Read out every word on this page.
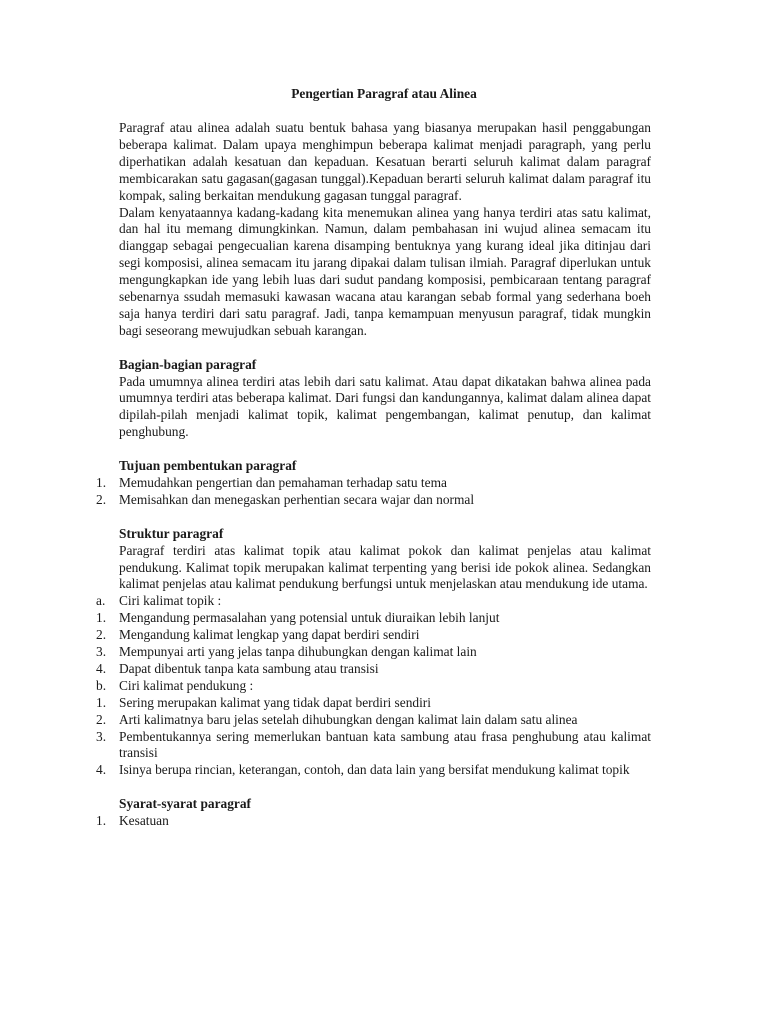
Pengertian Paragraf atau Alinea

Paragraf atau alinea adalah suatu bentuk bahasa yang biasanya merupakan hasil penggabungan beberapa kalimat. Dalam upaya menghimpun beberapa kalimat menjadi paragraph, yang perlu diperhatikan adalah kesatuan dan kepaduan. Kesatuan berarti seluruh kalimat dalam paragraf membicarakan satu gagasan(gagasan tunggal).Kepaduan berarti seluruh kalimat dalam paragraf itu kompak, saling berkaitan mendukung gagasan tunggal paragraf.

Dalam kenyataannya kadang-kadang kita menemukan alinea yang hanya terdiri atas satu kalimat, dan hal itu memang dimungkinkan. Namun, dalam pembahasan ini wujud alinea semacam itu dianggap sebagai pengecualian karena disamping bentuknya yang kurang ideal jika ditinjau dari segi komposisi, alinea semacam itu jarang dipakai dalam tulisan ilmiah. Paragraf diperlukan untuk mengungkapkan ide yang lebih luas dari sudut pandang komposisi, pembicaraan tentang paragraf sebenarnya ssudah memasuki kawasan wacana atau karangan sebab formal yang sederhana boeh saja hanya terdiri dari satu paragraf. Jadi, tanpa kemampuan menyusun paragraf, tidak mungkin bagi seseorang mewujudkan sebuah karangan.

Bagian-bagian paragraf

Pada umumnya alinea terdiri atas lebih dari satu kalimat. Atau dapat dikatakan bahwa alinea pada umumnya terdiri atas beberapa kalimat. Dari fungsi dan kandungannya, kalimat dalam alinea dapat dipilah-pilah menjadi kalimat topik, kalimat pengembangan, kalimat penutup, dan kalimat penghubung.

Tujuan pembentukan paragraf
1. Memudahkan pengertian dan pemahaman terhadap satu tema
2. Memisahkan dan menegaskan perhentian secara wajar dan normal
Struktur paragraf

Paragraf terdiri atas kalimat topik atau kalimat pokok dan kalimat penjelas atau kalimat pendukung. Kalimat topik merupakan kalimat terpenting yang berisi ide pokok alinea. Sedangkan kalimat penjelas atau kalimat pendukung berfungsi untuk menjelaskan atau mendukung ide utama.

a. Ciri kalimat topik :
1. Mengandung permasalahan yang potensial untuk diuraikan lebih lanjut
2. Mengandung kalimat lengkap yang dapat berdiri sendiri
3. Mempunyai arti yang jelas tanpa dihubungkan dengan kalimat lain
4. Dapat dibentuk tanpa kata sambung atau transisi
b. Ciri kalimat pendukung :
1. Sering merupakan kalimat yang tidak dapat berdiri sendiri
2. Arti kalimatnya baru jelas setelah dihubungkan dengan kalimat lain dalam satu alinea
3. Pembentukannya sering memerlukan bantuan kata sambung atau frasa penghubung atau kalimat transisi
4. Isinya berupa rincian, keterangan, contoh, dan data lain yang bersifat mendukung kalimat topik
Syarat-syarat paragraf
1. Kesatuan
